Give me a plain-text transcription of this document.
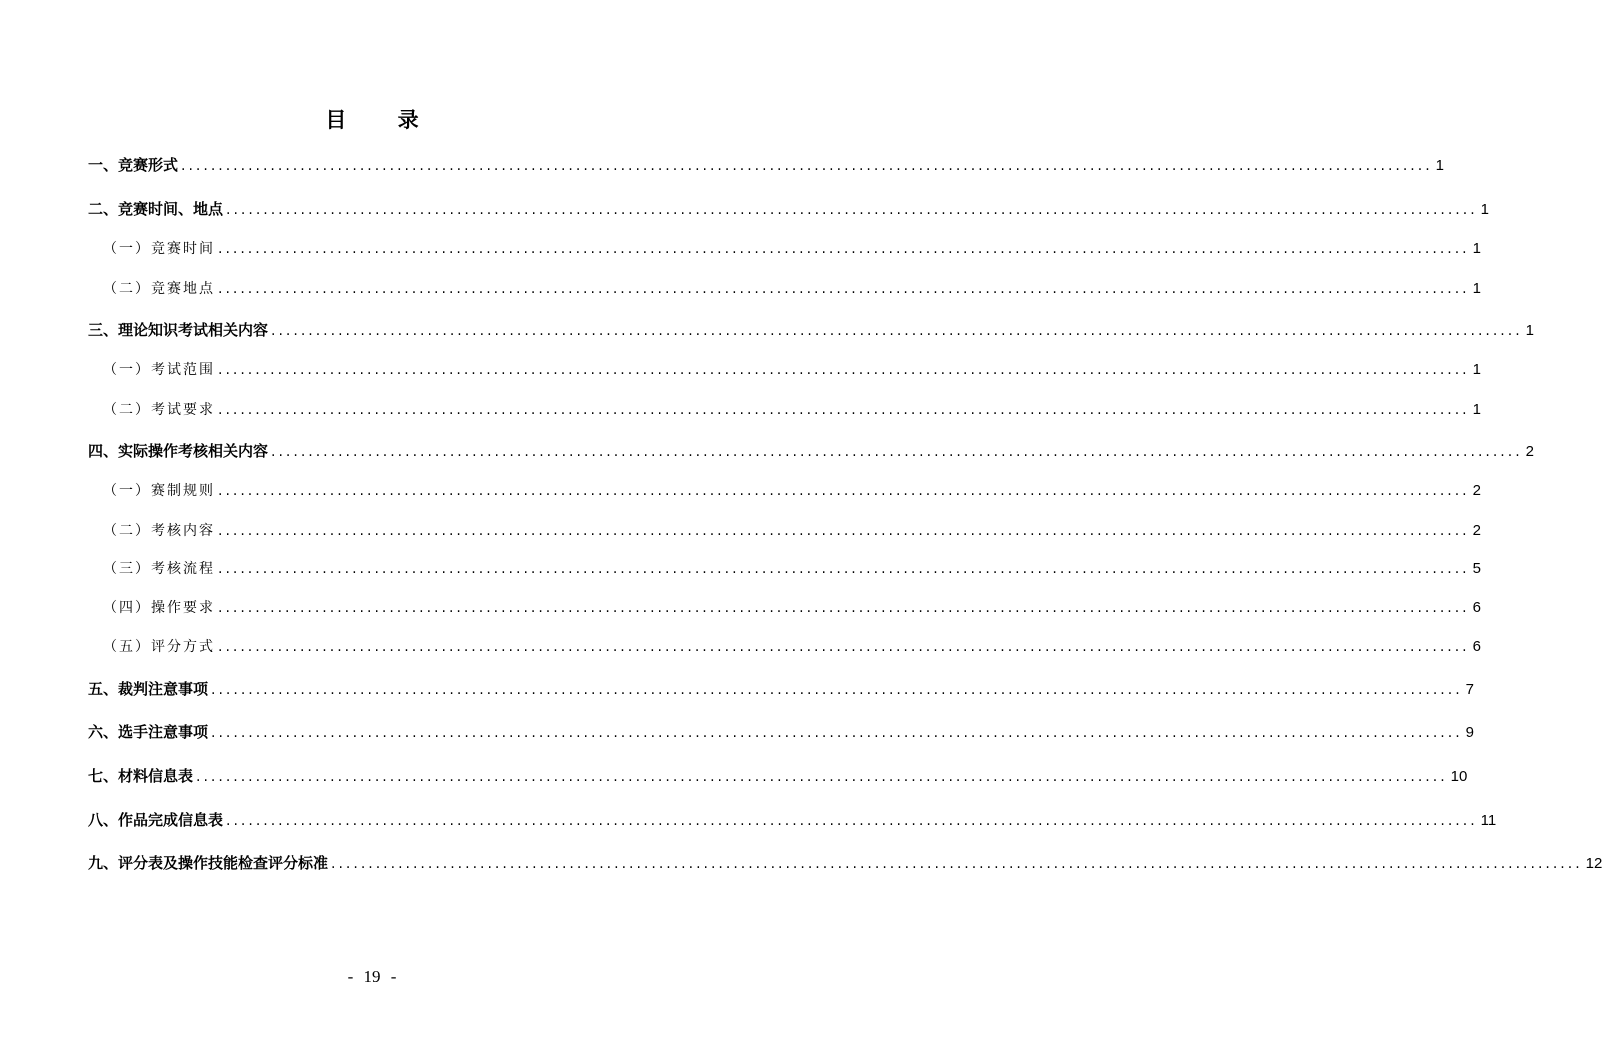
目 录
一、竞赛形式 ........................................................................................................................................................................ 1
二、竞赛时间、地点 ........................................................................................................................................................................ 1
（一）竞赛时间 ........................................................................................................................................................................ 1
（二）竞赛地点 ........................................................................................................................................................................ 1
三、理论知识考试相关内容 ........................................................................................................................................................................ 1
（一）考试范围 ........................................................................................................................................................................ 1
（二）考试要求 ........................................................................................................................................................................ 1
四、实际操作考核相关内容 ........................................................................................................................................................................ 2
（一）赛制规则 ........................................................................................................................................................................ 2
（二）考核内容 ........................................................................................................................................................................ 2
（三）考核流程 ........................................................................................................................................................................ 5
（四）操作要求 ........................................................................................................................................................................ 6
（五）评分方式 ........................................................................................................................................................................ 6
五、裁判注意事项 ........................................................................................................................................................................ 7
六、选手注意事项 ........................................................................................................................................................................ 9
七、材料信息表 ........................................................................................................................................................................ 10
八、作品完成信息表 ........................................................................................................................................................................ 11
九、评分表及操作技能检查评分标准 ........................................................................................................................................................................ 12
- 19 -
